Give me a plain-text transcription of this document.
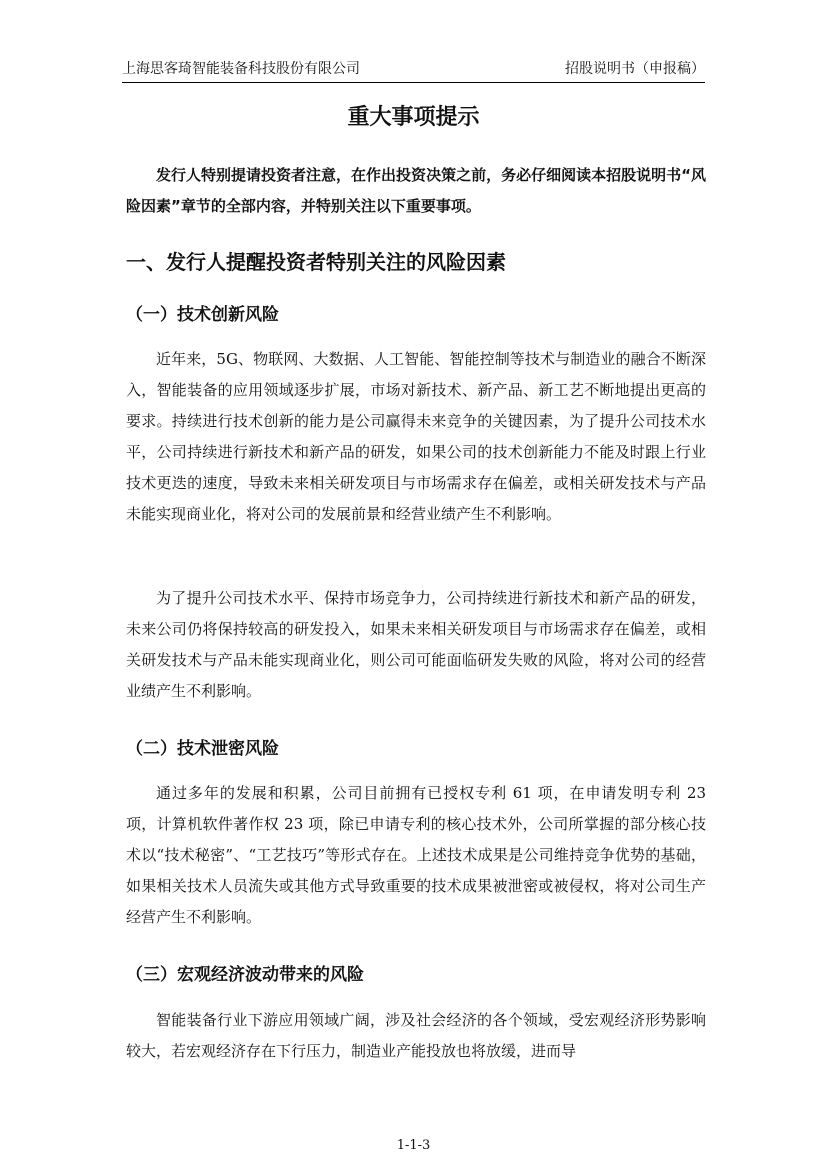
上海思客琦智能装备科技股份有限公司	招股说明书（申报稿）
重大事项提示

发行人特别提请投资者注意，在作出投资决策之前，务必仔细阅读本招股说明书“风险因素”章节的全部内容，并特别关注以下重要事项。

一、发行人提醒投资者特别关注的风险因素
（一）技术创新风险

近年来，5G、物联网、大数据、人工智能、智能控制等技术与制造业的融合不断深入，智能装备的应用领域逐步扩展，市场对新技术、新产品、新工艺不断地提出更高的要求。持续进行技术创新的能力是公司赢得未来竞争的关键因素，为了提升公司技术水平，公司持续进行新技术和新产品的研发，如果公司的技术创新能力不能及时跟上行业技术更迭的速度，导致未来相关研发项目与市场需求存在偏差，或相关研发技术与产品未能实现商业化，将对公司的发展前景和经营业绩产生不利影响。

为了提升公司技术水平、保持市场竞争力，公司持续进行新技术和新产品的研发，未来公司仍将保持较高的研发投入，如果未来相关研发项目与市场需求存在偏差，或相关研发技术与产品未能实现商业化，则公司可能面临研发失败的风险，将对公司的经营业绩产生不利影响。

（二）技术泄密风险

通过多年的发展和积累，公司目前拥有已授权专利 61 项，在申请发明专利 23 项，计算机软件著作权 23 项，除已申请专利的核心技术外，公司所掌握的部分核心技术以“技术秘密”、“工艺技巧”等形式存在。上述技术成果是公司维持竞争优势的基础，如果相关技术人员流失或其他方式导致重要的技术成果被泄密或被侵权，将对公司生产经营产生不利影响。

（三）宏观经济波动带来的风险

智能装备行业下游应用领域广阔，涉及社会经济的各个领域，受宏观经济形势影响较大，若宏观经济存在下行压力，制造业产能投放也将放缓，进而导

1-1-3
